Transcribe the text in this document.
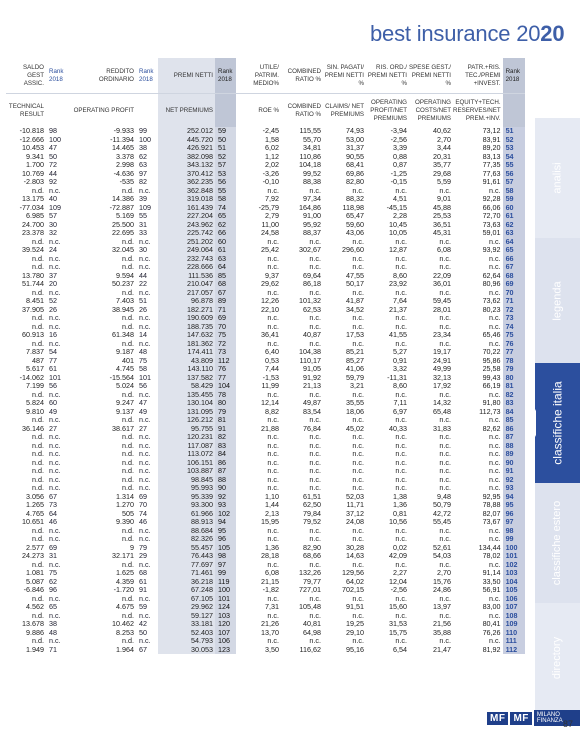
best insurance 2020
SALDO GEST ASSIC.	Rank 2018	REDDITO ORDINARIO	Rank 2018	PREMI NETTI	Rank 2018	UTILE/ PATRIM. MEDIO%	COMBINED RATIO %	SIN. PAGATI/ PREMI NETTI %	RIS. ORD./ PREMI NETTI %	SPESE GEST./ PREMI NETTI %	PATR.+RIS. TEC./PREMI +INVEST.	Rank 2018
TECHNICAL RESULT		OPERATING PROFIT		NET PREMIUMS		ROE %	COMBINED RATIO %	CLAIMS/ NET PREMIUMS	OPERATING PROFIT/NET PREMIUMS	OPERATING COSTS/NET PREMIUMS	EQUITY+TECH. RESERVES/NET PREM.+INV.	
-10.818	98	-9.933	99	252.012	59	-2,45	115,55	74,93	-3,94	40,62	73,12	51
-12.666	100	-11.394	100	445.720	50	1,58	55,70	53,00	-2,56	2,70	83,91	52
10.453	47	14.465	38	426.921	51	6,02	34,81	31,37	3,39	3,44	89,20	53
9.341	50	3.378	62	382.098	52	1,12	110,86	90,55	0,88	20,31	83,13	54
1.700	72	2.998	63	343.132	57	2,02	104,18	68,41	0,87	35,77	77,35	55
10.769	44	-4.636	97	370.412	53	-3,26	99,52	69,86	-1,25	29,68	77,63	56
-2.803	92	-535	82	362.235	56	-0,10	88,38	82,80	-0,15	5,59	91,61	57
n.d.	n.c.	n.d.	n.c.	362.848	55	n.c.	n.c.	n.c.	n.c.	n.c.	n.c.	58
13.175	40	14.386	39	319.018	58	7,92	97,34	88,32	4,51	9,01	92,28	59
-77.034	109	-72.887	109	161.439	74	-25,79	164,86	118,98	-45,15	45,88	66,06	60
6.985	57	5.169	55	227.204	65	2,79	91,00	65,47	2,28	25,53	72,70	61
24.700	30	25.500	31	243.962	62	11,00	95,92	59,60	10,45	36,51	73,63	62
23.378	32	22.695	33	225.742	66	24,58	88,37	43,06	10,05	45,31	59,01	63
n.d.	n.c.	n.d.	n.c.	251.202	60	n.c.	n.c.	n.c.	n.c.	n.c.	n.c.	64
39.524	24	32.045	30	249.064	61	25,42	302,67	296,60	12,87	6,08	93,92	65
n.d.	n.c.	n.d.	n.c.	232.743	63	n.c.	n.c.	n.c.	n.c.	n.c.	n.c.	66
n.d.	n.c.	n.d.	n.c.	228.666	64	n.c.	n.c.	n.c.	n.c.	n.c.	n.c.	67
13.780	37	9.594	44	111.536	85	9,37	69,64	47,55	8,60	22,09	62,64	68
51.744	20	50.237	22	210.047	68	29,62	86,18	50,17	23,92	36,01	80,96	69
n.d.	n.c.	n.d.	n.c.	217.057	67	n.c.	n.c.	n.c.	n.c.	n.c.	n.c.	70
8.451	52	7.403	51	96.878	89	12,26	101,32	41,87	7,64	59,45	73,62	71
37.905	26	38.945	26	182.271	71	22,10	62,53	34,52	21,37	28,01	80,23	72
n.d.	n.c.	n.d.	n.c.	190.609	69	n.c.	n.c.	n.c.	n.c.	n.c.	n.c.	73
n.d.	n.c.	n.d.	n.c.	188.735	70	n.c.	n.c.	n.c.	n.c.	n.c.	n.c.	74
60.913	16	61.348	14	147.632	75	36,41	40,87	17,53	41,55	23,34	65,46	75
n.d.	n.c.	n.d.	n.c.	181.362	72	n.c.	n.c.	n.c.	n.c.	n.c.	n.c.	76
7.837	54	9.187	48	174.411	73	6,40	104,38	85,21	5,27	19,17	70,22	77
487	77	401	75	43.809	112	0,53	110,17	85,27	0,91	24,91	95,86	78
5.617	61	4.745	58	143.110	76	7,44	91,05	41,06	3,32	49,99	25,58	79
-14.062	101	-15.564	101	137.582	77	-1,53	91,92	59,79	-11,31	32,13	99,43	80
7.199	56	5.024	56	58.429	104	11,99	21,13	3,21	8,60	17,92	66,19	81
n.d.	n.c.	n.d.	n.c.	135.455	78	n.c.	n.c.	n.c.	n.c.	n.c.	n.c.	82
5.824	60	9.247	47	130.104	80	12,14	49,87	35,55	7,11	14,32	91,80	83
9.810	49	9.137	49	131.095	79	8,82	83,54	18,06	6,97	65,48	112,73	84
n.d.	n.c.	n.d.	n.c.	126.212	81	n.c.	n.c.	n.c.	n.c.	n.c.	n.c.	85
36.146	27	38.617	27	95.755	91	21,88	76,84	45,02	40,33	31,83	82,62	86
n.d.	n.c.	n.d.	n.c.	120.231	82	n.c.	n.c.	n.c.	n.c.	n.c.	n.c.	87
n.d.	n.c.	n.d.	n.c.	117.087	83	n.c.	n.c.	n.c.	n.c.	n.c.	n.c.	88
n.d.	n.c.	n.d.	n.c.	113.072	84	n.c.	n.c.	n.c.	n.c.	n.c.	n.c.	89
n.d.	n.c.	n.d.	n.c.	106.151	86	n.c.	n.c.	n.c.	n.c.	n.c.	n.c.	90
n.d.	n.c.	n.d.	n.c.	103.887	87	n.c.	n.c.	n.c.	n.c.	n.c.	n.c.	91
n.d.	n.c.	n.d.	n.c.	98.845	88	n.c.	n.c.	n.c.	n.c.	n.c.	n.c.	92
n.d.	n.c.	n.d.	n.c.	95.993	90	n.c.	n.c.	n.c.	n.c.	n.c.	n.c.	93
3.056	67	1.314	69	95.339	92	1,10	61,51	52,03	1,38	9,48	92,95	94
1.265	73	1.270	70	93.300	93	1,44	62,50	11,71	1,36	50,79	78,88	95
4.765	64	505	74	61.966	102	2,13	79,84	37,12	0,81	42,72	82,07	96
10.651	46	9.390	46	88.913	94	15,95	79,52	24,08	10,56	55,45	73,67	97
n.d.	n.c.	n.d.	n.c.	88.684	95	n.c.	n.c.	n.c.	n.c.	n.c.	n.c.	98
n.d.	n.c.	n.d.	n.c.	82.326	96	n.c.	n.c.	n.c.	n.c.	n.c.	n.c.	99
2.577	69	9	79	55.457	105	1,36	82,90	30,28	0,02	52,61	134,44	100
24.273	31	32.171	29	76.443	98	28,18	68,66	14,63	42,09	54,03	78,02	101
n.d.	n.c.	n.d.	n.c.	77.697	97	n.c.	n.c.	n.c.	n.c.	n.c.	n.c.	102
1.081	75	1.625	68	71.461	99	6,08	132,26	129,56	2,27	2,70	91,14	103
5.087	62	4.359	61	36.218	119	21,15	79,77	64,02	12,04	15,76	33,50	104
-6.846	96	-1.720	91	67.248	100	-1,82	727,01	702,15	-2,56	24,86	56,91	105
n.d.	n.c.	n.d.	n.c.	67.105	101	n.c.	n.c.	n.c.	n.c.	n.c.	n.c.	106
4.562	65	4.675	59	29.962	124	7,31	105,48	91,51	15,60	13,97	83,00	107
n.d.	n.c.	n.d.	n.c.	59.127	103	n.c.	n.c.	n.c.	n.c.	n.c.	n.c.	108
13.678	38	10.462	42	33.181	120	21,26	40,81	19,25	31,53	21,56	80,41	109
9.886	48	8.253	50	52.403	107	13,70	64,98	29,10	15,75	35,88	76,26	110
n.d.	n.c.	n.d.	n.c.	54.793	106	n.c.	n.c.	n.c.	n.c.	n.c.	n.c.	111
1.949	71	1.964	67	30.053	123	3,50	116,62	95,16	6,54	21,47	81,92	112
analisi
legenda
classifiche italia
classifiche estero
directory
MF MF	MILANO FINANZA 87
